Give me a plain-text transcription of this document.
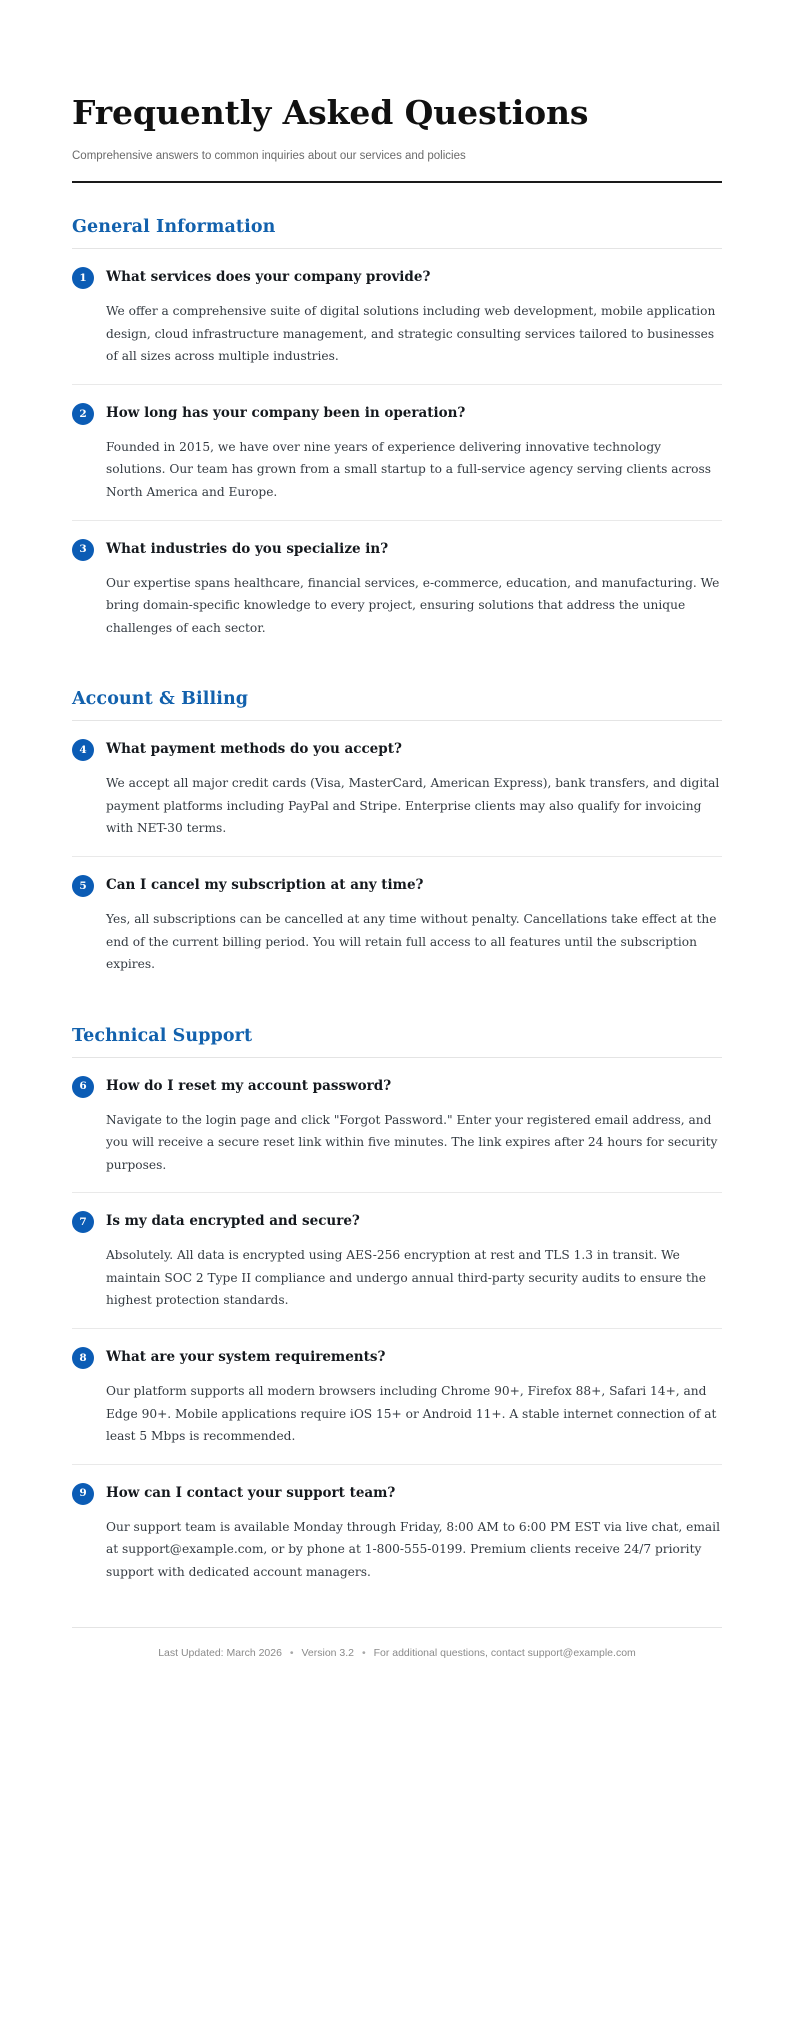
Frequently Asked Questions

Comprehensive answers to common inquiries about our services and policies

General Information
1	What services does your company provide?
We offer a comprehensive suite of digital solutions including web development, mobile application design, cloud infrastructure management, and strategic consulting services tailored to businesses of all sizes across multiple industries.
2	How long has your company been in operation?
Founded in 2015, we have over nine years of experience delivering innovative technology solutions. Our team has grown from a small startup to a full-service agency serving clients across North America and Europe.
3	What industries do you specialize in?
Our expertise spans healthcare, financial services, e-commerce, education, and manufacturing. We bring domain-specific knowledge to every project, ensuring solutions that address the unique challenges of each sector.
Account & Billing
4	What payment methods do you accept?
We accept all major credit cards (Visa, MasterCard, American Express), bank transfers, and digital payment platforms including PayPal and Stripe. Enterprise clients may also qualify for invoicing with NET-30 terms.
5	Can I cancel my subscription at any time?
Yes, all subscriptions can be cancelled at any time without penalty. Cancellations take effect at the end of the current billing period. You will retain full access to all features until the subscription expires.
Technical Support
6	How do I reset my account password?
Navigate to the login page and click "Forgot Password." Enter your registered email address, and you will receive a secure reset link within five minutes. The link expires after 24 hours for security purposes.
7	Is my data encrypted and secure?
Absolutely. All data is encrypted using AES-256 encryption at rest and TLS 1.3 in transit. We maintain SOC 2 Type II compliance and undergo annual third-party security audits to ensure the highest protection standards.
8	What are your system requirements?
Our platform supports all modern browsers including Chrome 90+, Firefox 88+, Safari 14+, and Edge 90+. Mobile applications require iOS 15+ or Android 11+. A stable internet connection of at least 5 Mbps is recommended.
9	How can I contact your support team?
Our support team is available Monday through Friday, 8:00 AM to 6:00 PM EST via live chat, email at support@example.com, or by phone at 1-800-555-0199. Premium clients receive 24/7 priority support with dedicated account managers.
Last Updated: March 2026 • Version 3.2 • For additional questions, contact support@example.com
